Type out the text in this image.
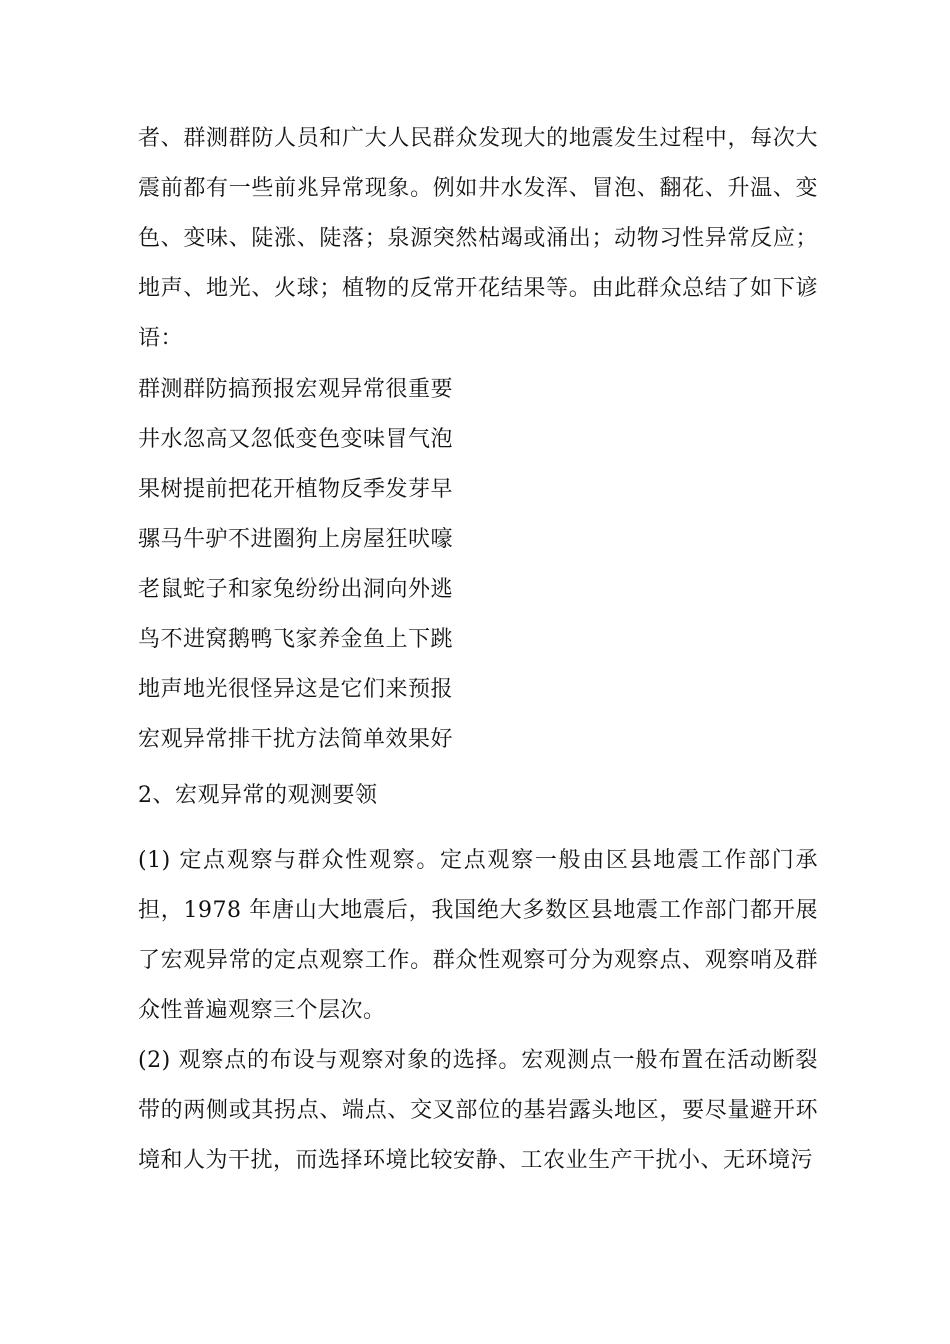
者、群测群防人员和广大人民群众发现大的地震发生过程中，每次大震前都有一些前兆异常现象。例如井水发浑、冒泡、翻花、升温、变色、变味、陡涨、陡落；泉源突然枯竭或涌出；动物习性异常反应；地声、地光、火球；植物的反常开花结果等。由此群众总结了如下谚语：
群测群防搞预报宏观异常很重要
井水忽高又忽低变色变味冒气泡
果树提前把花开植物反季发芽早
骡马牛驴不进圈狗上房屋狂吠嚎
老鼠蛇子和家兔纷纷出洞向外逃
鸟不进窝鹅鸭飞家养金鱼上下跳
地声地光很怪异这是它们来预报
宏观异常排干扰方法简单效果好
2、宏观异常的观测要领
(1) 定点观察与群众性观察。定点观察一般由区县地震工作部门承担，1978 年唐山大地震后，我国绝大多数区县地震工作部门都开展了宏观异常的定点观察工作。群众性观察可分为观察点、观察哨及群众性普遍观察三个层次。
(2) 观察点的布设与观察对象的选择。宏观测点一般布置在活动断裂带的两侧或其拐点、端点、交叉部位的基岩露头地区，要尽量避开环境和人为干扰，而选择环境比较安静、工农业生产干扰小、无环境污
